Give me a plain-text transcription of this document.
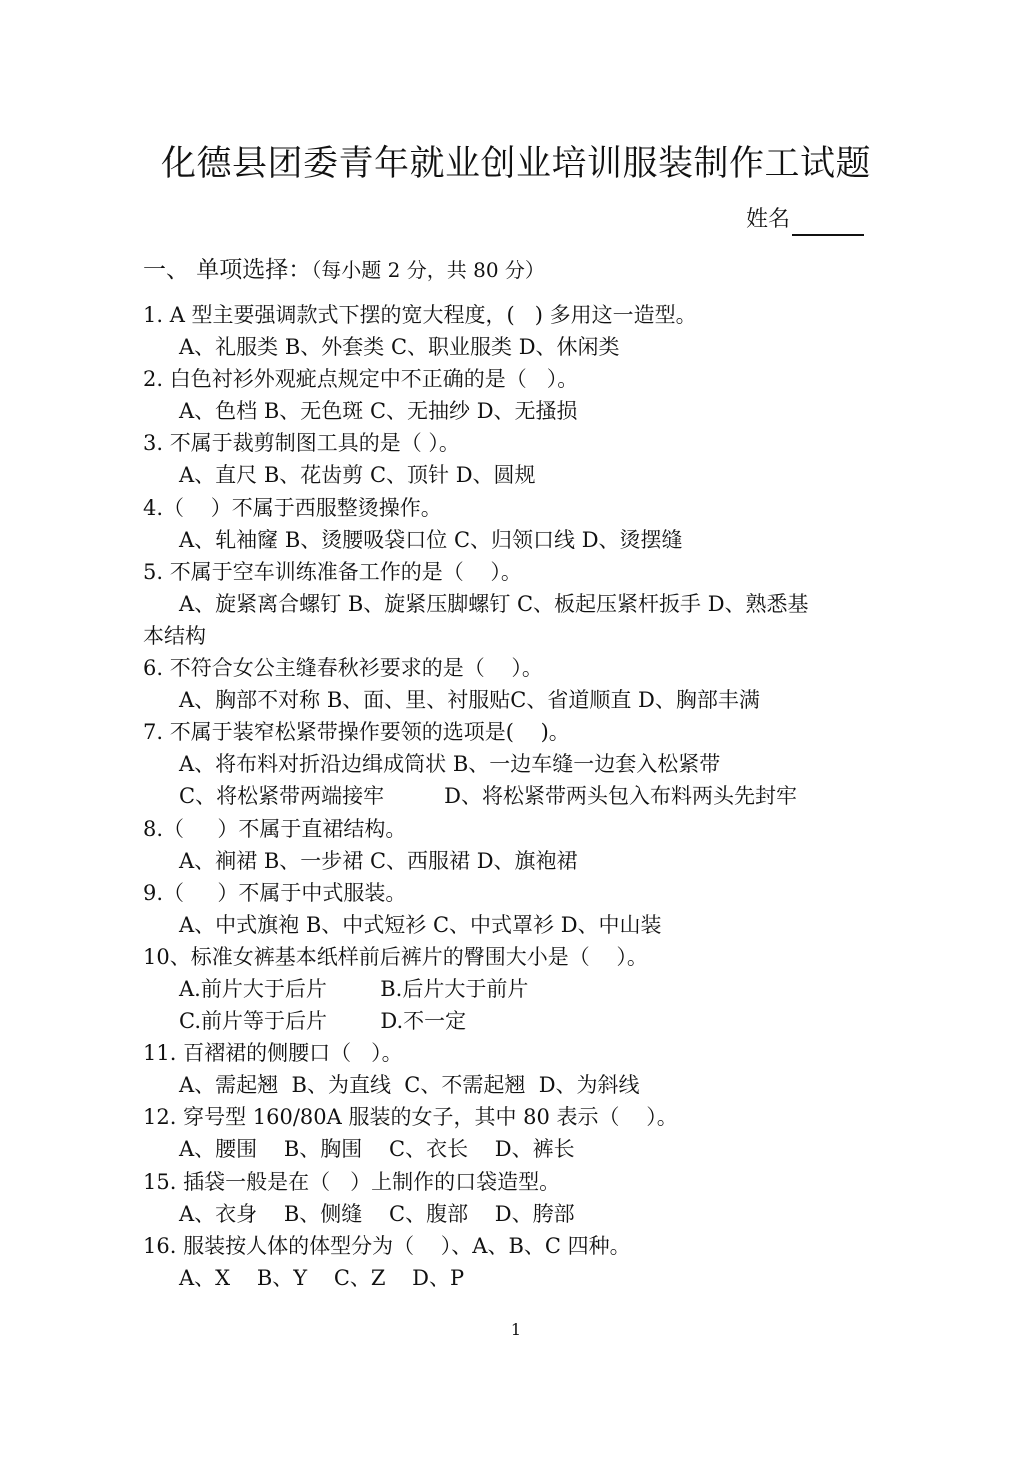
化德县团委青年就业创业培训服装制作工试题
姓名
一、 单项选择：（每小题 2 分，共 80 分）
1. A 型主要强调款式下摆的宽大程度，(   ) 多用这一造型。
A、礼服类 B、外套类 C、职业服类 D、休闲类
2. 白色衬衫外观疵点规定中不正确的是（   ）。
A、色档 B、无色斑 C、无抽纱 D、无搔损
3. 不属于裁剪制图工具的是（ ）。
A、直尺 B、花齿剪 C、顶针 D、圆规
4.（    ）不属于西服整烫操作。
A、轧袖窿 B、烫腰吸袋口位 C、归领口线 D、烫摆缝
5. 不属于空车训练准备工作的是（    ）。
A、旋紧离合螺钉 B、旋紧压脚螺钉 C、板起压紧杆扳手 D、熟悉基
本结构
6. 不符合女公主缝春秋衫要求的是（    ）。
A、胸部不对称 B、面、里、衬服贴C、省道顺直 D、胸部丰满
7. 不属于装窄松紧带操作要领的选项是(    )。
A、将布料对折沿边缉成筒状 B、一边车缝一边套入松紧带
C、将松紧带两端接牢         D、将松紧带两头包入布料两头先封牢
8.（     ）不属于直裙结构。
A、裥裙 B、一步裙 C、西服裙 D、旗袍裙
9.（     ）不属于中式服装。
A、中式旗袍 B、中式短衫 C、中式罩衫 D、中山装
10、标准女裤基本纸样前后裤片的臀围大小是（    ）。
A.前片大于后片        B.后片大于前片
C.前片等于后片        D.不一定
11. 百褶裙的侧腰口（   ）。
A、需起翘  B、为直线  C、不需起翘  D、为斜线
12. 穿号型 160/80A 服装的女子，其中 80 表示（    ）。
A、腰围    B、胸围    C、衣长    D、裤长
15. 插袋一般是在（   ）上制作的口袋造型。
A、衣身    B、侧缝    C、腹部    D、胯部
16. 服装按人体的体型分为（    ）、A、B、C 四种。
A、X    B、Y    C、Z    D、P
1
